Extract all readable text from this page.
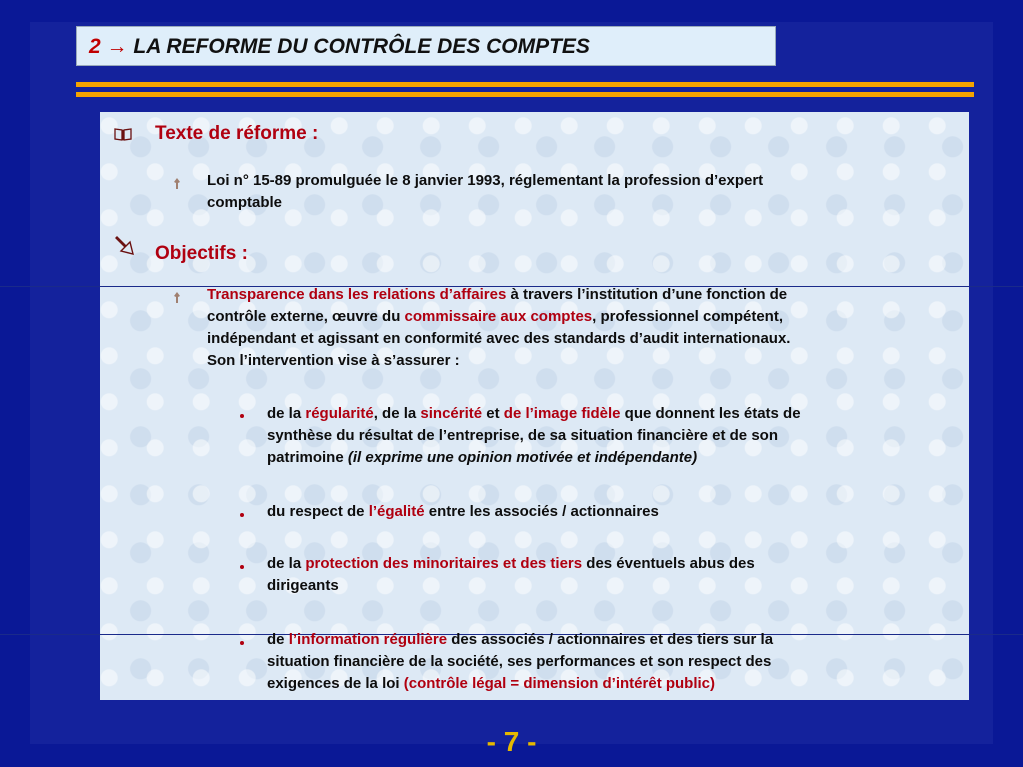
2 → LA REFORME DU CONTRÔLE DES COMPTES
Texte de réforme :
Loi n° 15-89 promulguée le 8 janvier 1993, réglementant la profession d’expert
comptable
Objectifs :
Transparence dans les relations d’affaires à travers l’institution d’une fonction de
contrôle externe, œuvre du commissaire aux comptes, professionnel compétent,
indépendant et agissant en conformité avec des standards d’audit internationaux.
Son l’intervention vise à s’assurer :
de la régularité, de la sincérité et de l’image fidèle que donnent les états de
synthèse du résultat de l’entreprise, de sa situation financière et de son
patrimoine (il exprime une opinion motivée et indépendante)
du respect de l’égalité entre les associés / actionnaires
de la protection des minoritaires et des tiers des éventuels abus des
dirigeants
de l’information régulière des associés / actionnaires et des tiers sur la
situation financière de la société, ses performances et son respect des
exigences de la loi (contrôle légal = dimension d’intérêt public)
- 7 -
